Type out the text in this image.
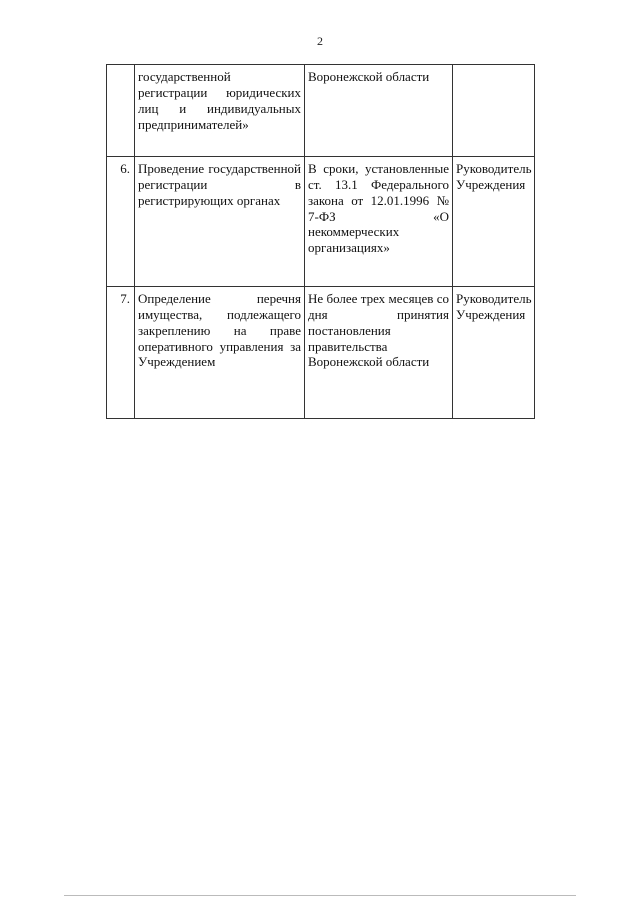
2
	государственной регистрации юридических лиц и индивидуальных предпринимателей»	Воронежской области	
6.	Проведение государственной регистрации в регистрирующих органах	В сроки, установленные ст. 13.1 Федерального закона от 12.01.1996 № 7-ФЗ «О некоммерческих организациях»	Руководитель Учреждения
7.	Определение перечня имущества, подлежащего закреплению на праве оперативного управления за Учреждением	Не более трех месяцев со дня принятия постановления правительства Воронежской области	Руководитель Учреждения
